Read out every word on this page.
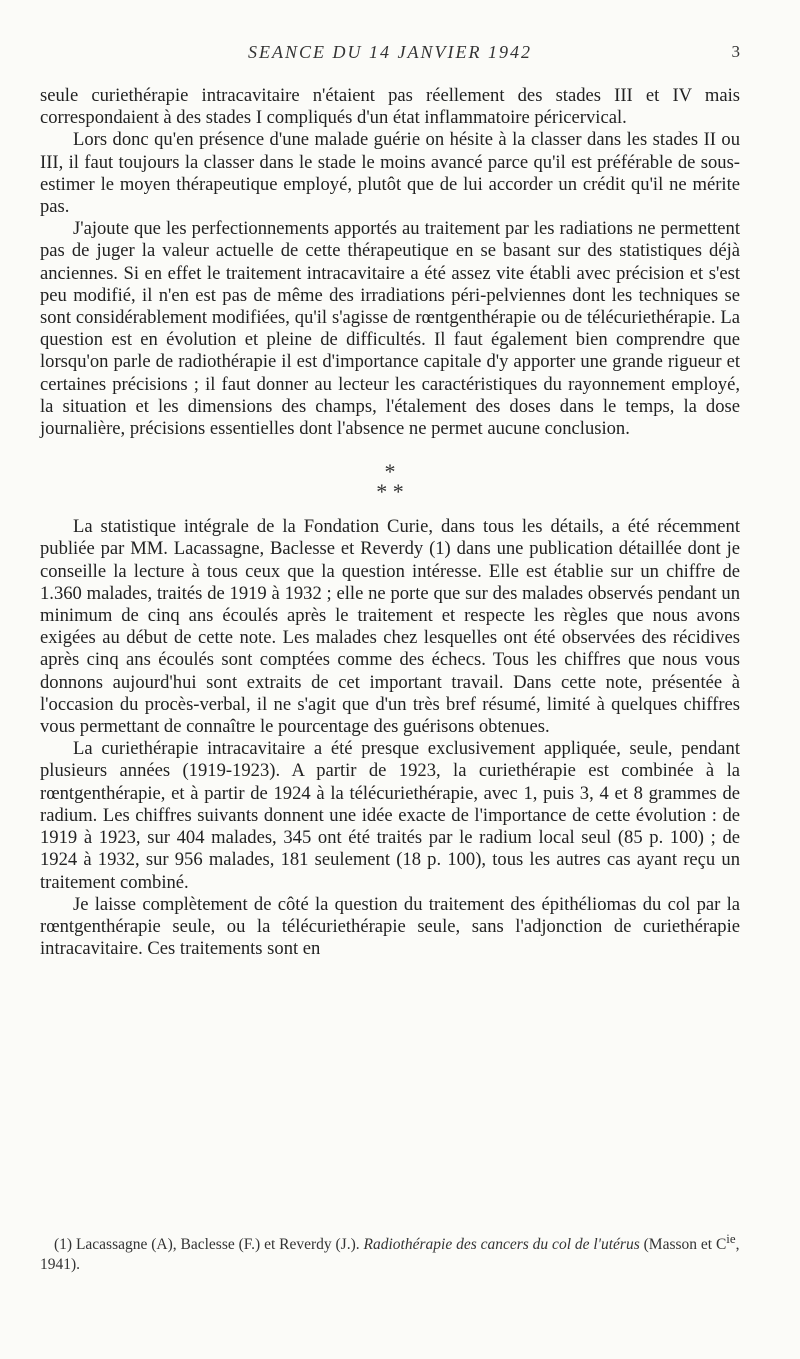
SEANCE DU 14 JANVIER 1942	3

seule curiethérapie intracavitaire n'étaient pas réellement des stades III et IV mais correspondaient à des stades I compliqués d'un état inflammatoire péricervical.

Lors donc qu'en présence d'une malade guérie on hésite à la classer dans les stades II ou III, il faut toujours la classer dans le stade le moins avancé parce qu'il est préférable de sous-estimer le moyen thérapeutique employé, plutôt que de lui accorder un crédit qu'il ne mérite pas.

J'ajoute que les perfectionnements apportés au traitement par les radiations ne permettent pas de juger la valeur actuelle de cette thérapeutique en se basant sur des statistiques déjà anciennes. Si en effet le traitement intracavitaire a été assez vite établi avec précision et s'est peu modifié, il n'en est pas de même des irradiations péri-pelviennes dont les techniques se sont considérablement modifiées, qu'il s'agisse de rœntgenthérapie ou de télécuriethérapie. La question est en évolution et pleine de difficultés. Il faut également bien comprendre que lorsqu'on parle de radiothérapie il est d'importance capitale d'y apporter une grande rigueur et certaines précisions ; il faut donner au lecteur les caractéristiques du rayonnement employé, la situation et les dimensions des champs, l'étalement des doses dans le temps, la dose journalière, précisions essentielles dont l'absence ne permet aucune conclusion.

*
* *

La statistique intégrale de la Fondation Curie, dans tous les détails, a été récemment publiée par MM. Lacassagne, Baclesse et Reverdy (1) dans une publication détaillée dont je conseille la lecture à tous ceux que la question intéresse. Elle est établie sur un chiffre de 1.360 malades, traités de 1919 à 1932 ; elle ne porte que sur des malades observés pendant un minimum de cinq ans écoulés après le traitement et respecte les règles que nous avons exigées au début de cette note. Les malades chez lesquelles ont été observées des récidives après cinq ans écoulés sont comptées comme des échecs. Tous les chiffres que nous vous donnons aujourd'hui sont extraits de cet important travail. Dans cette note, présentée à l'occasion du procès-verbal, il ne s'agit que d'un très bref résumé, limité à quelques chiffres vous permettant de connaître le pourcentage des guérisons obtenues.

La curiethérapie intracavitaire a été presque exclusivement appliquée, seule, pendant plusieurs années (1919-1923). A partir de 1923, la curiethérapie est combinée à la rœntgenthérapie, et à partir de 1924 à la télécuriethérapie, avec 1, puis 3, 4 et 8 grammes de radium. Les chiffres suivants donnent une idée exacte de l'importance de cette évolution : de 1919 à 1923, sur 404 malades, 345 ont été traités par le radium local seul (85 p. 100) ; de 1924 à 1932, sur 956 malades, 181 seulement (18 p. 100), tous les autres cas ayant reçu un traitement combiné.

Je laisse complètement de côté la question du traitement des épithéliomas du col par la rœntgenthérapie seule, ou la télécuriethérapie seule, sans l'adjonction de curiethérapie intracavitaire. Ces traitements sont en

(1) Lacassagne (A), Baclesse (F.) et Reverdy (J.). Radiothérapie des cancers du col de l'utérus (Masson et $C^{ie}$, 1941).
